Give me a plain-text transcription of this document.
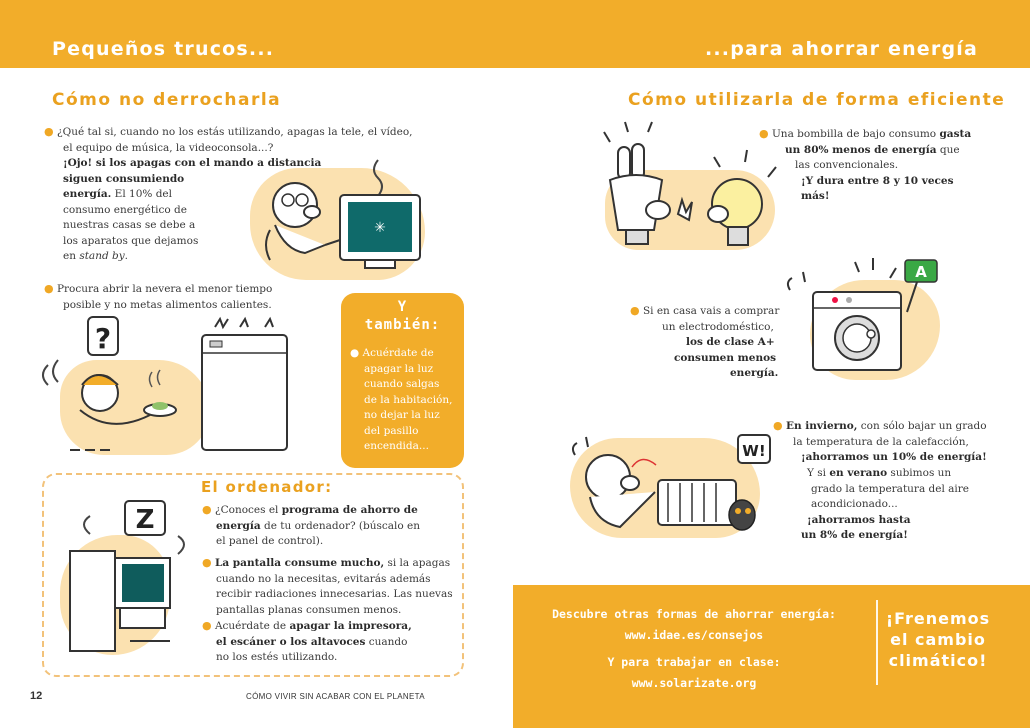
Pequeños trucos...	...para ahorrar energía
Cómo no derrocharla
● ¿Qué tal si, cuando no los estás utilizando, apagas la tele, el vídeo,
el equipo de música, la videoconsola...?
¡Ojo! si los apagas con el mando a distancia
siguen consumiendo
energía. El 10% del
consumo energético de
nuestras casas se debe a
los aparatos que dejamos
en stand by.
✳
● Procura abrir la nevera el menor tiempo
posible y no metas alimentos calientes.
?
Y
también:
● Acuérdate de
apagar la luz
cuando salgas
de la habitación,
no dejar la luz
del pasillo
encendida...
El ordenador:
Z	● ¿Conoces el programa de ahorro de
energía de tu ordenador? (búscalo en
el panel de control).
● La pantalla consume mucho, si la apagas
cuando no la necesitas, evitarás además
recibir radiaciones innecesarias. Las nuevas
pantallas planas consumen menos.
● Acuérdate de apagar la impresora,
el escáner o los altavoces cuando
no los estés utilizando.
Cómo utilizarla de forma eficiente
● Una bombilla de bajo consumo gasta
un 80% menos de energía que
las convencionales.
¡Y dura entre 8 y 10 veces
más!
A
● Si en casa vais a comprar
un electrodoméstico,
los de clase A+
consumen menos
energía.
W!
● En invierno, con sólo bajar un grado
la temperatura de la calefacción,
¡ahorramos un 10% de energía!
Y si en verano subimos un
grado la temperatura del aire
acondicionado...
¡ahorramos hasta
un 8% de energía!
Descubre otras formas de ahorrar energía:
www.idae.es/consejos
Y para trabajar en clase:
www.solarizate.org
¡Frenemos
el cambio
climático!
12	CÓMO VIVIR SIN ACABAR CON EL PLANETA
